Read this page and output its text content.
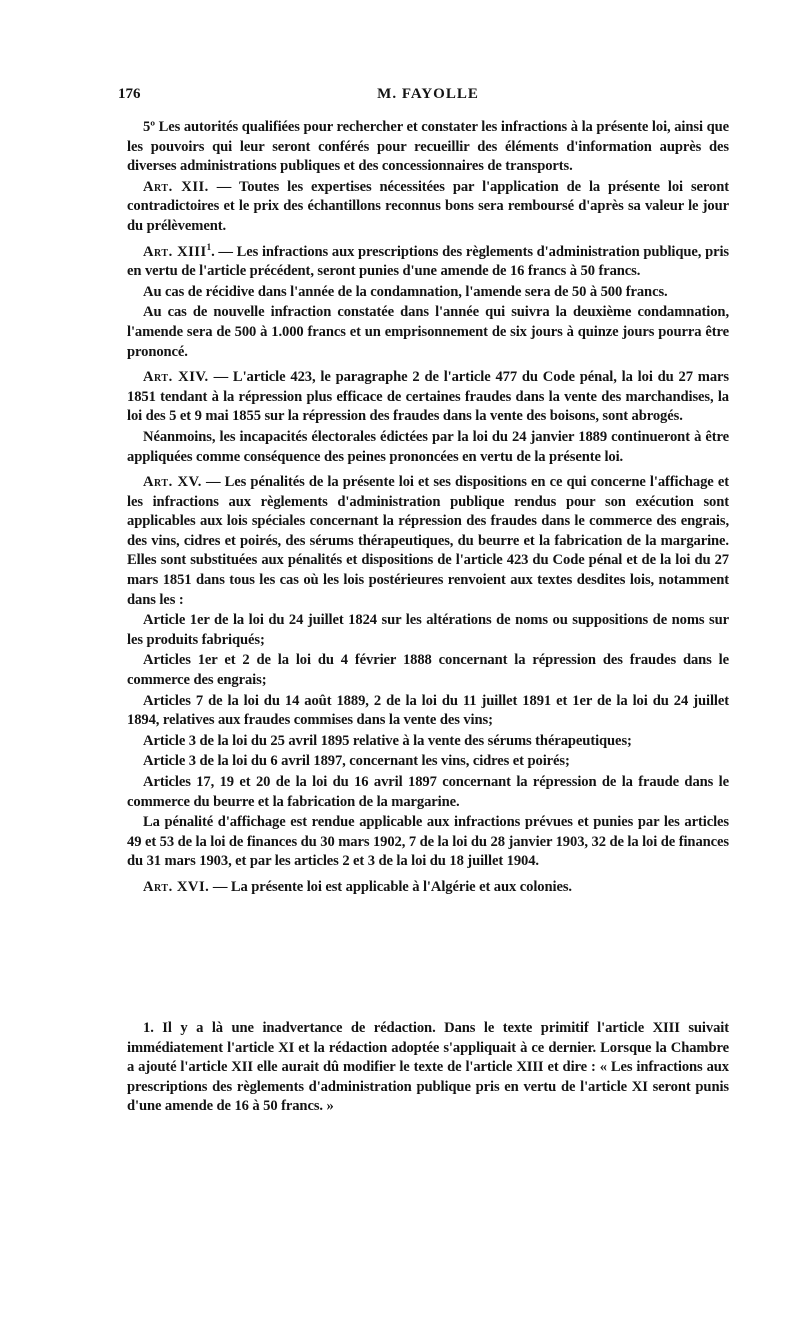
176	M. FAYOLLE

5º Les autorités qualifiées pour rechercher et constater les infractions à la présente loi, ainsi que les pouvoirs qui leur seront conférés pour recueillir des éléments d'information auprès des diverses administrations publiques et des concessionnaires de transports.

Art. XII. — Toutes les expertises nécessitées par l'application de la présente loi seront contradictoires et le prix des échantillons reconnus bons sera remboursé d'après sa valeur le jour du prélèvement.

Art. XIII$^1$. — Les infractions aux prescriptions des règlements d'administration publique, pris en vertu de l'article précédent, seront punies d'une amende de 16 francs à 50 francs.

Au cas de récidive dans l'année de la condamnation, l'amende sera de 50 à 500 francs.

Au cas de nouvelle infraction constatée dans l'année qui suivra la deuxième condamnation, l'amende sera de 500 à 1.000 francs et un emprisonnement de six jours à quinze jours pourra être prononcé.

Art. XIV. — L'article 423, le paragraphe 2 de l'article 477 du Code pénal, la loi du 27 mars 1851 tendant à la répression plus efficace de certaines fraudes dans la vente des marchandises, la loi des 5 et 9 mai 1855 sur la répression des fraudes dans la vente des boisons, sont abrogés.

Néanmoins, les incapacités électorales édictées par la loi du 24 janvier 1889 continueront à être appliquées comme conséquence des peines prononcées en vertu de la présente loi.

Art. XV. — Les pénalités de la présente loi et ses dispositions en ce qui concerne l'affichage et les infractions aux règlements d'administration publique rendus pour son exécution sont applicables aux lois spéciales concernant la répression des fraudes dans le commerce des engrais, des vins, cidres et poirés, des sérums thérapeutiques, du beurre et la fabrication de la margarine. Elles sont substituées aux pénalités et dispositions de l'article 423 du Code pénal et de la loi du 27 mars 1851 dans tous les cas où les lois postérieures renvoient aux textes desdites lois, notamment dans les :

Article 1er de la loi du 24 juillet 1824 sur les altérations de noms ou suppositions de noms sur les produits fabriqués;

Articles 1er et 2 de la loi du 4 février 1888 concernant la répression des fraudes dans le commerce des engrais;

Articles 7 de la loi du 14 août 1889, 2 de la loi du 11 juillet 1891 et 1er de la loi du 24 juillet 1894, relatives aux fraudes commises dans la vente des vins;

Article 3 de la loi du 25 avril 1895 relative à la vente des sérums thérapeutiques;

Article 3 de la loi du 6 avril 1897, concernant les vins, cidres et poirés;

Articles 17, 19 et 20 de la loi du 16 avril 1897 concernant la répression de la fraude dans le commerce du beurre et la fabrication de la margarine.

La pénalité d'affichage est rendue applicable aux infractions prévues et punies par les articles 49 et 53 de la loi de finances du 30 mars 1902, 7 de la loi du 28 janvier 1903, 32 de la loi de finances du 31 mars 1903, et par les articles 2 et 3 de la loi du 18 juillet 1904.

Art. XVI. — La présente loi est applicable à l'Algérie et aux colonies.

1. Il y a là une inadvertance de rédaction. Dans le texte primitif l'article XIII suivait immédiatement l'article XI et la rédaction adoptée s'appliquait à ce dernier. Lorsque la Chambre a ajouté l'article XII elle aurait dû modifier le texte de l'article XIII et dire : « Les infractions aux prescriptions des règlements d'administration publique pris en vertu de l'article XI seront punis d'une amende de 16 à 50 francs. »
